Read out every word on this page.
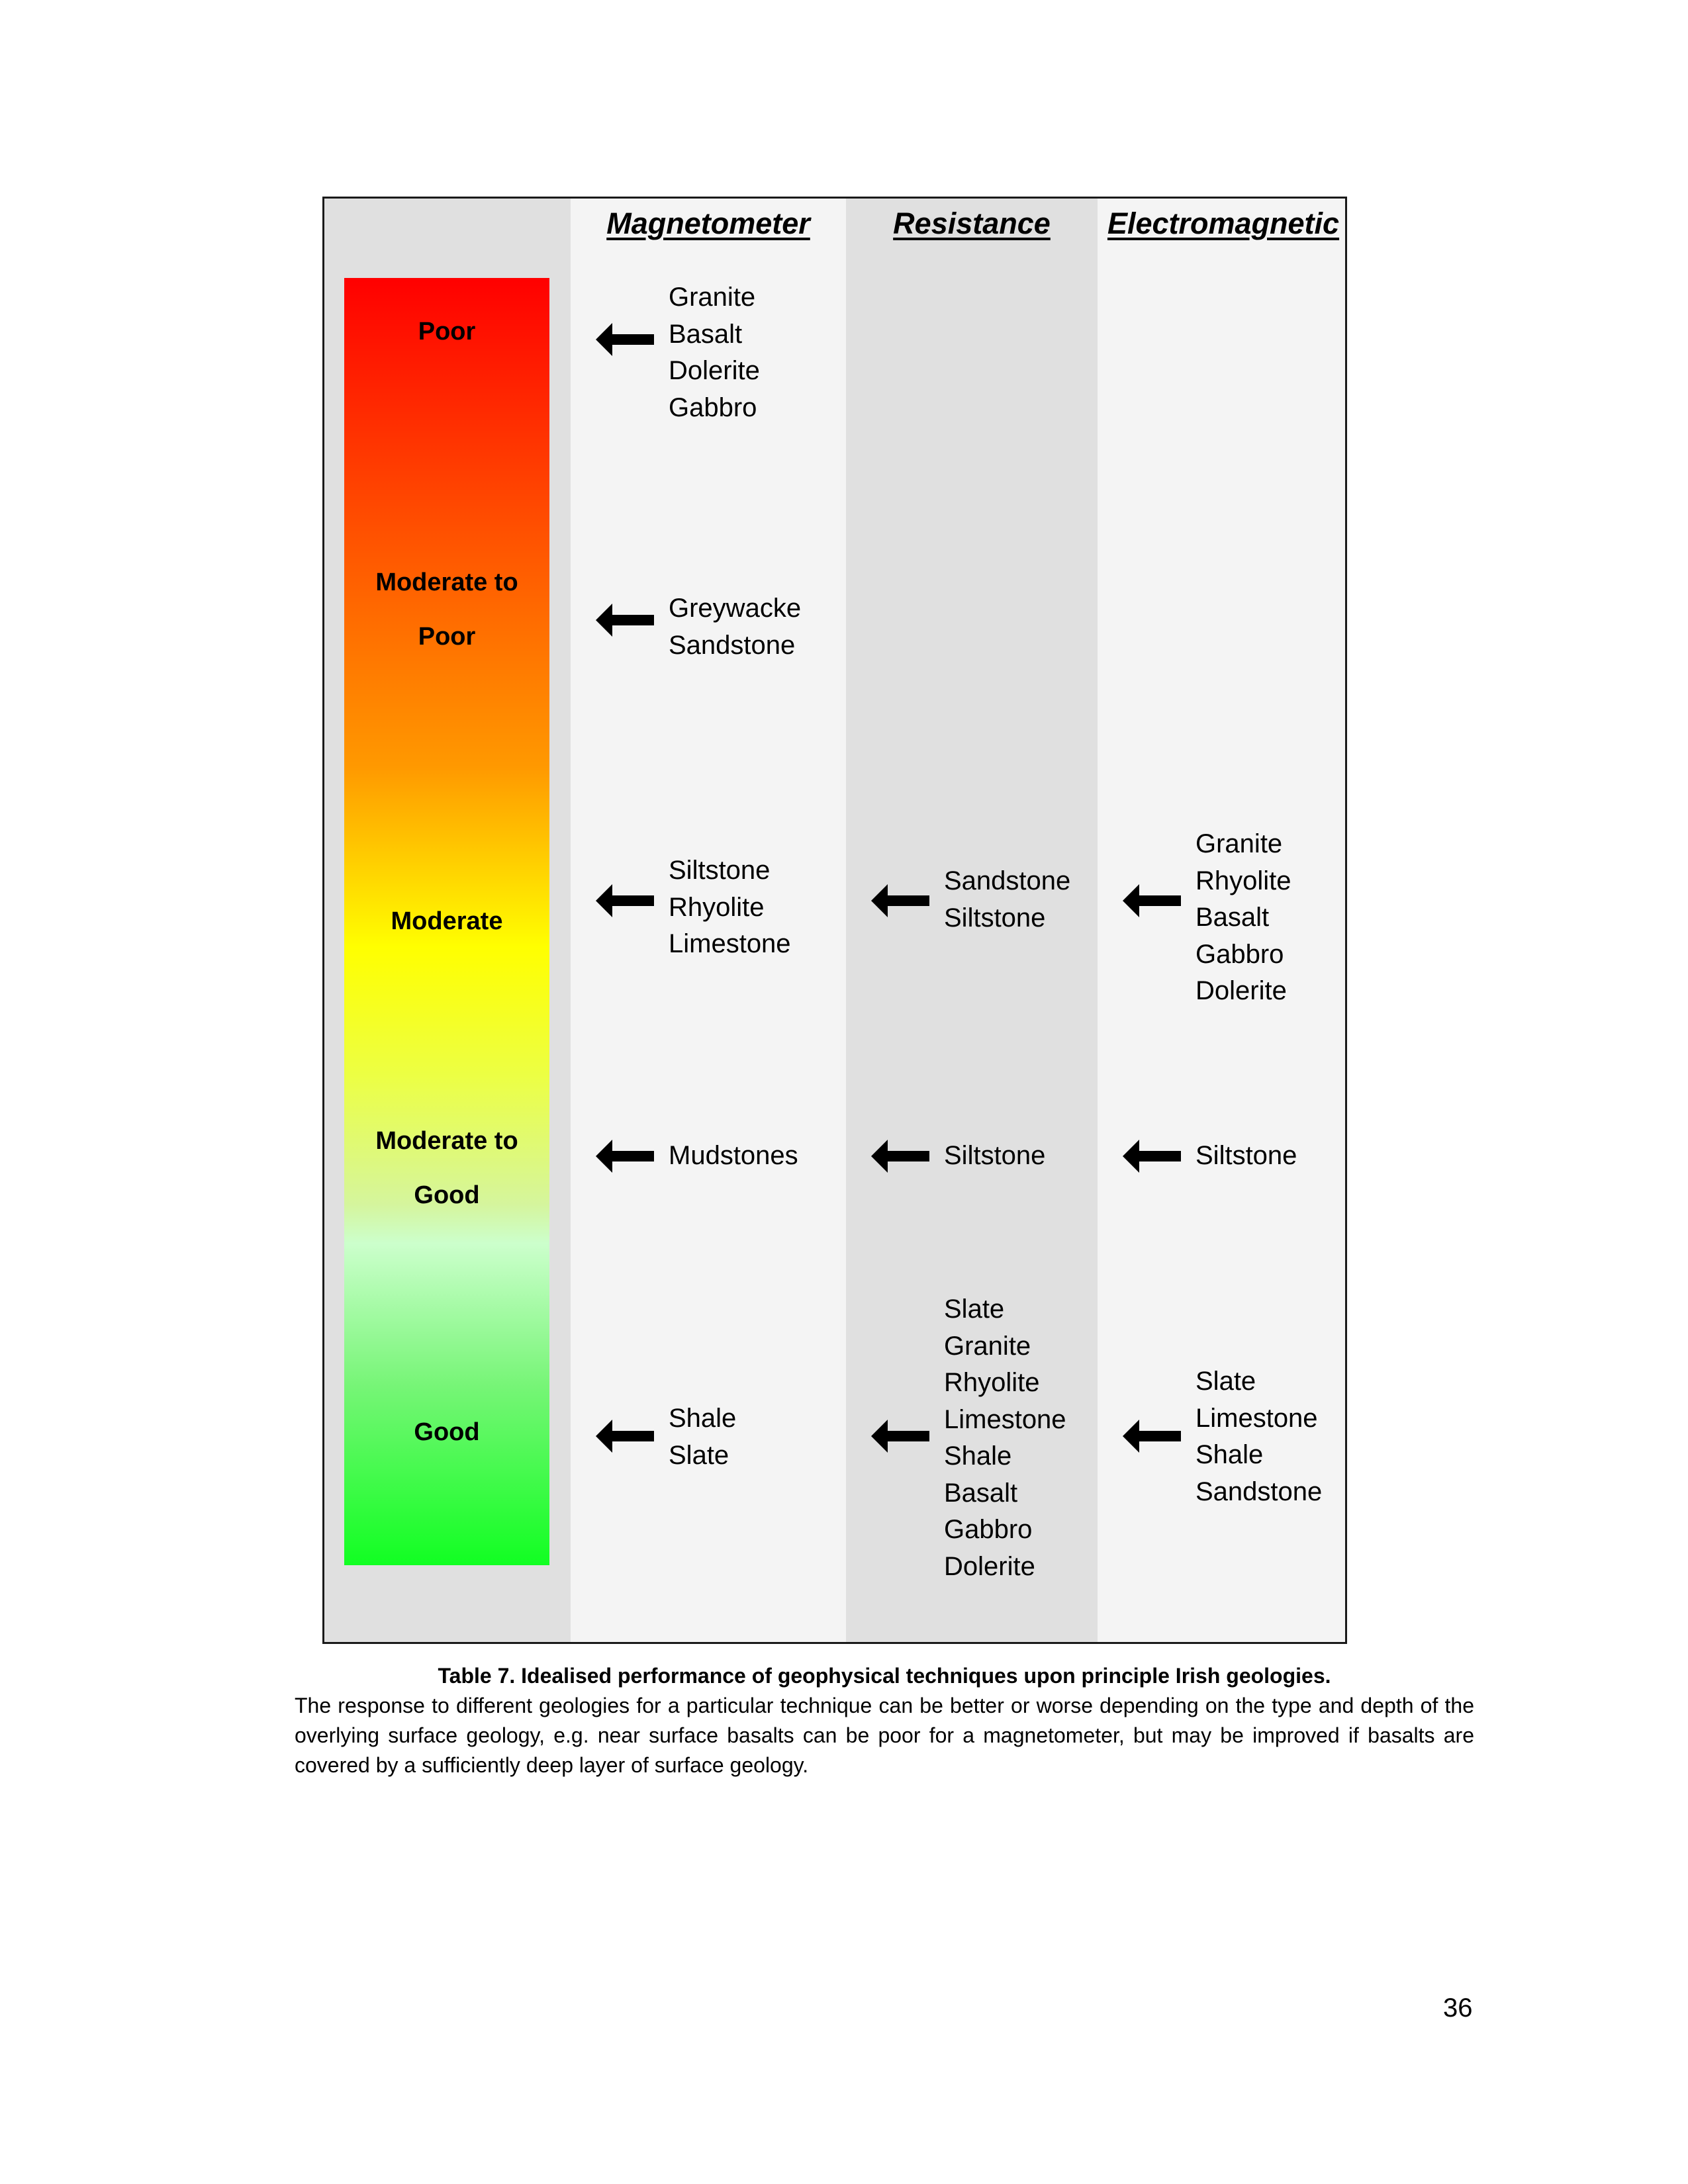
Poor
Moderate to
Poor
Moderate
Moderate to
Good
Good
Magnetometer
Granite
Basalt
Dolerite
Gabbro
Greywacke
Sandstone
Siltstone
Rhyolite
Limestone
Mudstones
Shale
Slate
Resistance
Sandstone
Siltstone
Siltstone
Slate
Granite
Rhyolite
Limestone
Shale
Basalt
Gabbro
Dolerite
Electromagnetic
Granite
Rhyolite
Basalt
Gabbro
Dolerite
Siltstone
Slate
Limestone
Shale
Sandstone
Table 7. Idealised performance of geophysical techniques upon principle Irish geologies.
The response to different geologies for a particular technique can be better or worse depending on the type and depth of the overlying surface geology, e.g. near surface basalts can be poor for a magnetometer, but may be improved if basalts are covered by a sufficiently deep layer of surface geology.
36
